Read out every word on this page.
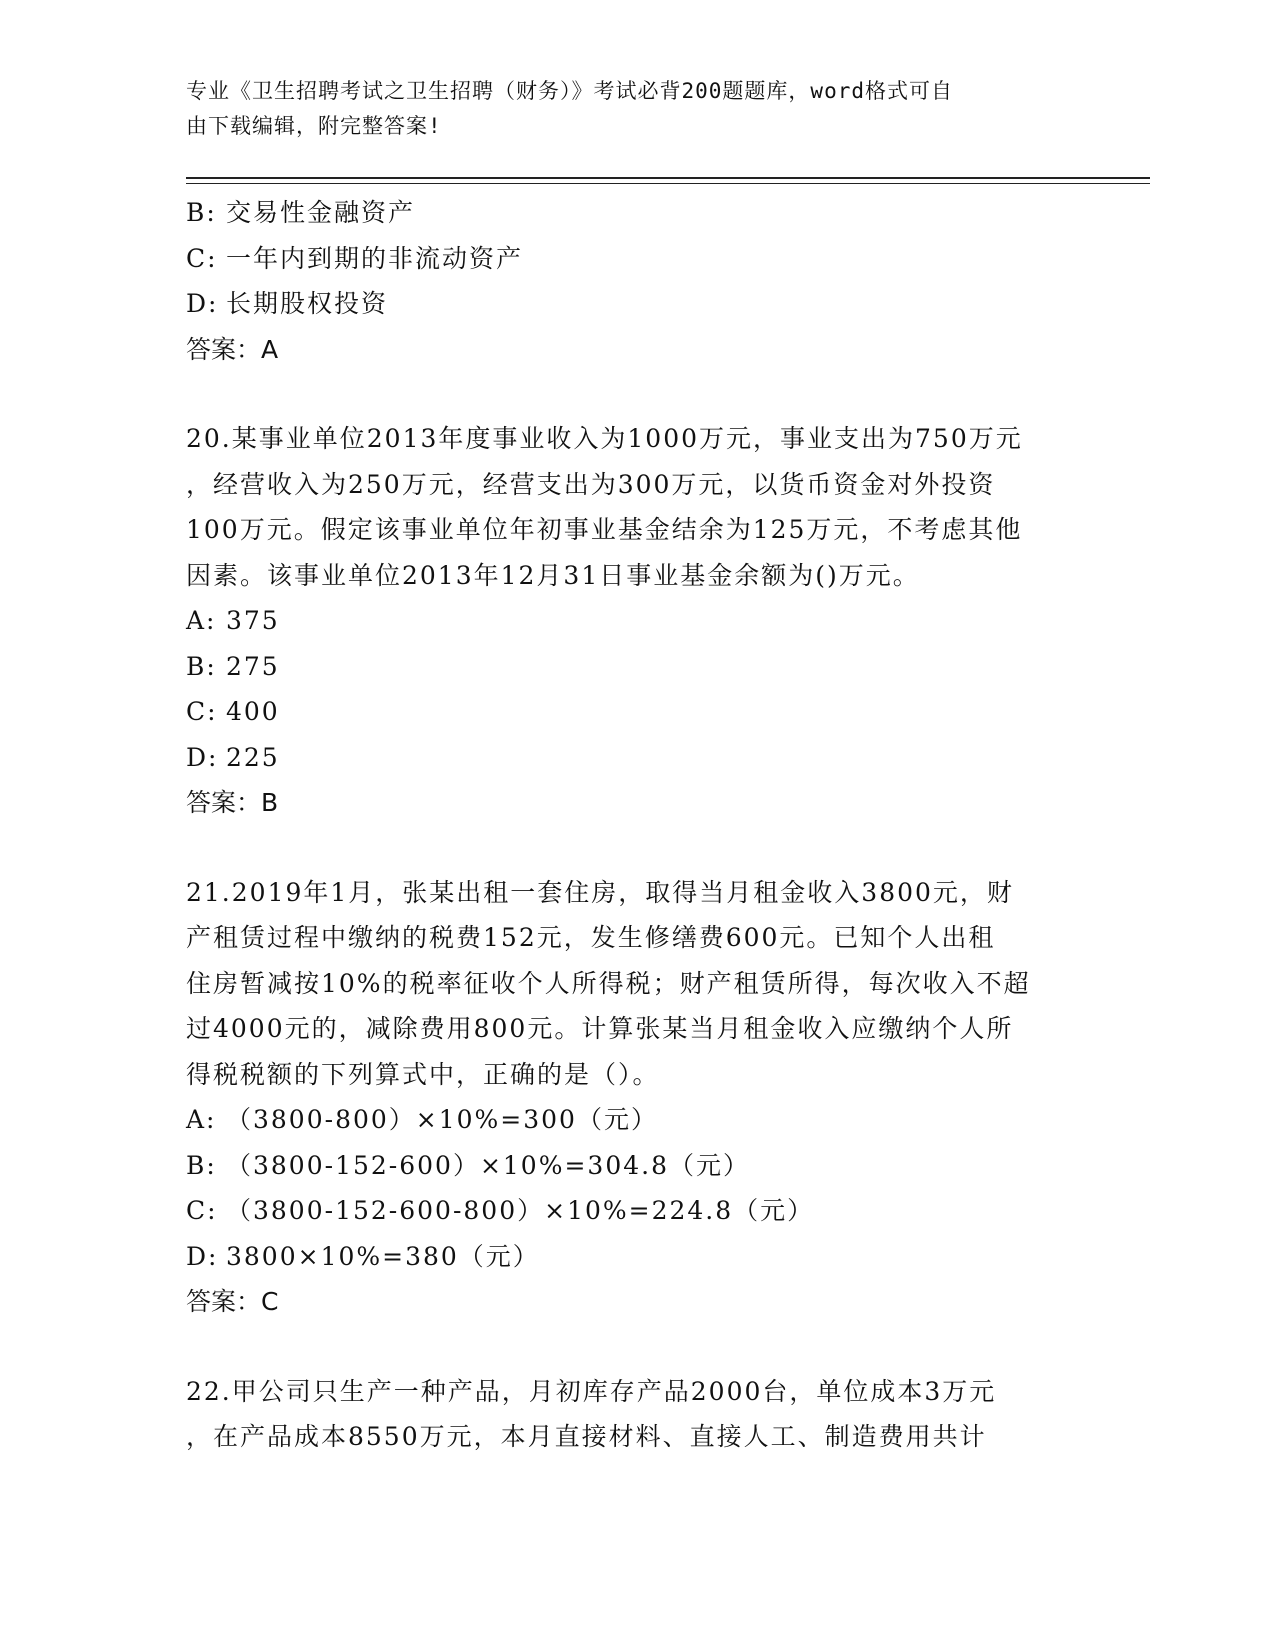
专业《卫生招聘考试之卫生招聘（财务）》考试必背200题题库，word格式可自
由下载编辑，附完整答案!
B: 交易性金融资产
C: 一年内到期的非流动资产
D: 长期股权投资
答案：A
20.某事业单位2013年度事业收入为1000万元，事业支出为750万元
，经营收入为250万元，经营支出为300万元，以货币资金对外投资
100万元。假定该事业单位年初事业基金结余为125万元，不考虑其他
因素。该事业单位2013年12月31日事业基金余额为()万元。
A: 375
B: 275
C: 400
D: 225
答案：B
21.2019年1月，张某出租一套住房，取得当月租金收入3800元，财
产租赁过程中缴纳的税费152元，发生修缮费600元。已知个人出租
住房暂减按10%的税率征收个人所得税；财产租赁所得，每次收入不超
过4000元的，减除费用800元。计算张某当月租金收入应缴纳个人所
得税税额的下列算式中，正确的是（）。
A: （3800-800）×10%=300（元）
B: （3800-152-600）×10%=304.8（元）
C: （3800-152-600-800）×10%=224.8（元）
D: 3800×10%=380（元）
答案：C
22.甲公司只生产一种产品，月初库存产品2000台，单位成本3万元
，在产品成本8550万元，本月直接材料、直接人工、制造费用共计
